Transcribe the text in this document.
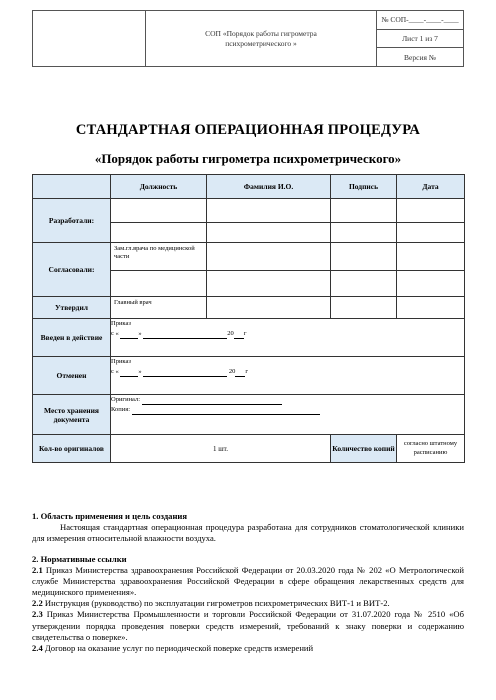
СОП «Порядок работы гигрометра психрометрического »
№ СОП-____-____-____
Лист 1 из 7
Версия №
СТАНДАРТНАЯ ОПЕРАЦИОННАЯ ПРОЦЕДУРА
«Порядок работы гигрометра психрометрического»
	Должность	Фамилия И.О.	Подпись	Дата
Разработали:				

Согласовали:	Зам.гл.врача по медицинской части			

Утвердил	Главный врач			
Введен в действие	Приказ
с « » 20 г			

Отменен	Приказ
с « » 20 г			

Место хранения документа	Оригинал:
Копия:			

Кол-во оригиналов	1 шт.		Количество копий	согласно штатному расписанию

1. Область применения и цель создания

Настоящая стандартная операционная процедура разработана для сотрудников стоматологической клиники для измерения относительной влажности воздуха.

2. Нормативные ссылки

2.1 Приказ Министерства здравоохранения Российской Федерации от 20.03.2020 года № 202 «О Метрологической службе Министерства здравоохранения Российской Федерации в сфере обращения лекарственных средств для медицинского применения».

2.2 Инструкция (руководство) по эксплуатации гигрометров психрометрических ВИТ-1 и ВИТ-2.

2.3 Приказ Министерства Промышленности и торговли Российской Федерации от 31.07.2020 года № 2510 «Об утверждении порядка проведения поверки средств измерений, требований к знаку поверки и содержанию свидетельства о поверке».

2.4 Договор на оказание услуг по периодической поверке средств измерений
